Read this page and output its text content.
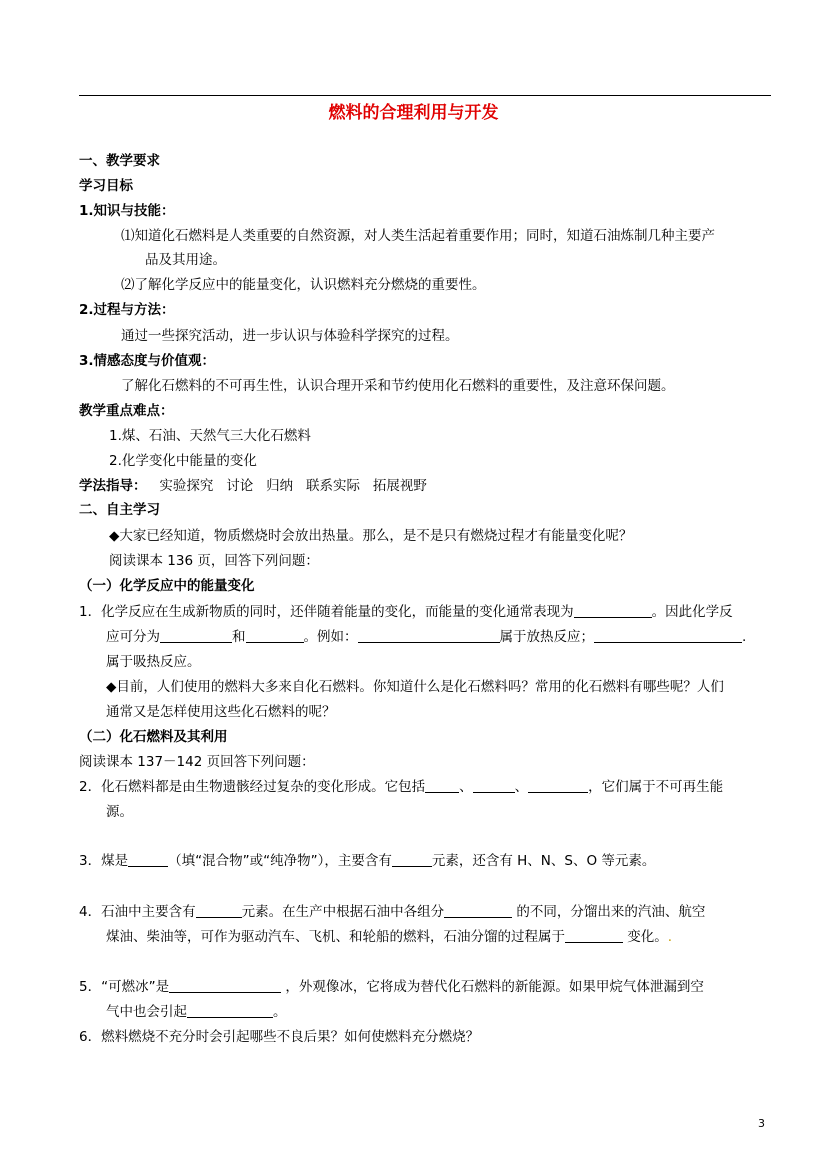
燃料的合理利用与开发
一、教学要求
学习目标
1.知识与技能：
⑴知道化石燃料是人类重要的自然资源，对人类生活起着重要作用；同时，知道石油炼制几种主要产
品及其用途。
⑵了解化学反应中的能量变化，认识燃料充分燃烧的重要性。
2.过程与方法：
通过一些探究活动，进一步认识与体验科学探究的过程。
3.情感态度与价值观：
了解化石燃料的不可再生性，认识合理开采和节约使用化石燃料的重要性，及注意环保问题。
教学重点难点：
1.煤、石油、天然气三大化石燃料
2.化学变化中能量的变化
学法指导：   实验探究   讨论   归纳   联系实际   拓展视野
二、自主学习
◆大家已经知道，物质燃烧时会放出热量。那么，是不是只有燃烧过程才有能量变化呢？
阅读课本 136 页，回答下列问题：
（一）化学反应中的能量变化
1．化学反应在生成新物质的同时，还伴随着能量的变化，而能量的变化通常表现为	。因此化学反
应可分为	和	。例如：	属于放热反应；	.
属于吸热反应。
◆目前，人们使用的燃料大多来自化石燃料。你知道什么是化石燃料吗？常用的化石燃料有哪些呢？人们
通常又是怎样使用这些化石燃料的呢？
（二）化石燃料及其利用
阅读课本 137－142 页回答下列问题：
2．化石燃料都是由生物遗骸经过复杂的变化形成。它包括	、	、	，它们属于不可再生能
源。
3．煤是	（填“混合物”或“纯净物”），主要含有	元素，还含有 H、N、S、O 等元素。
4．石油中主要含有	元素。在生产中根据石油中各组分	的不同，分馏出来的汽油、航空
煤油、柴油等，可作为驱动汽车、飞机、和轮船的燃料，石油分馏的过程属于	变化。.
5．“可燃冰”是	，外观像冰，它将成为替代化石燃料的新能源。如果甲烷气体泄漏到空
气中也会引起	。
6．燃料燃烧不充分时会引起哪些不良后果？如何使燃料充分燃烧？
3
